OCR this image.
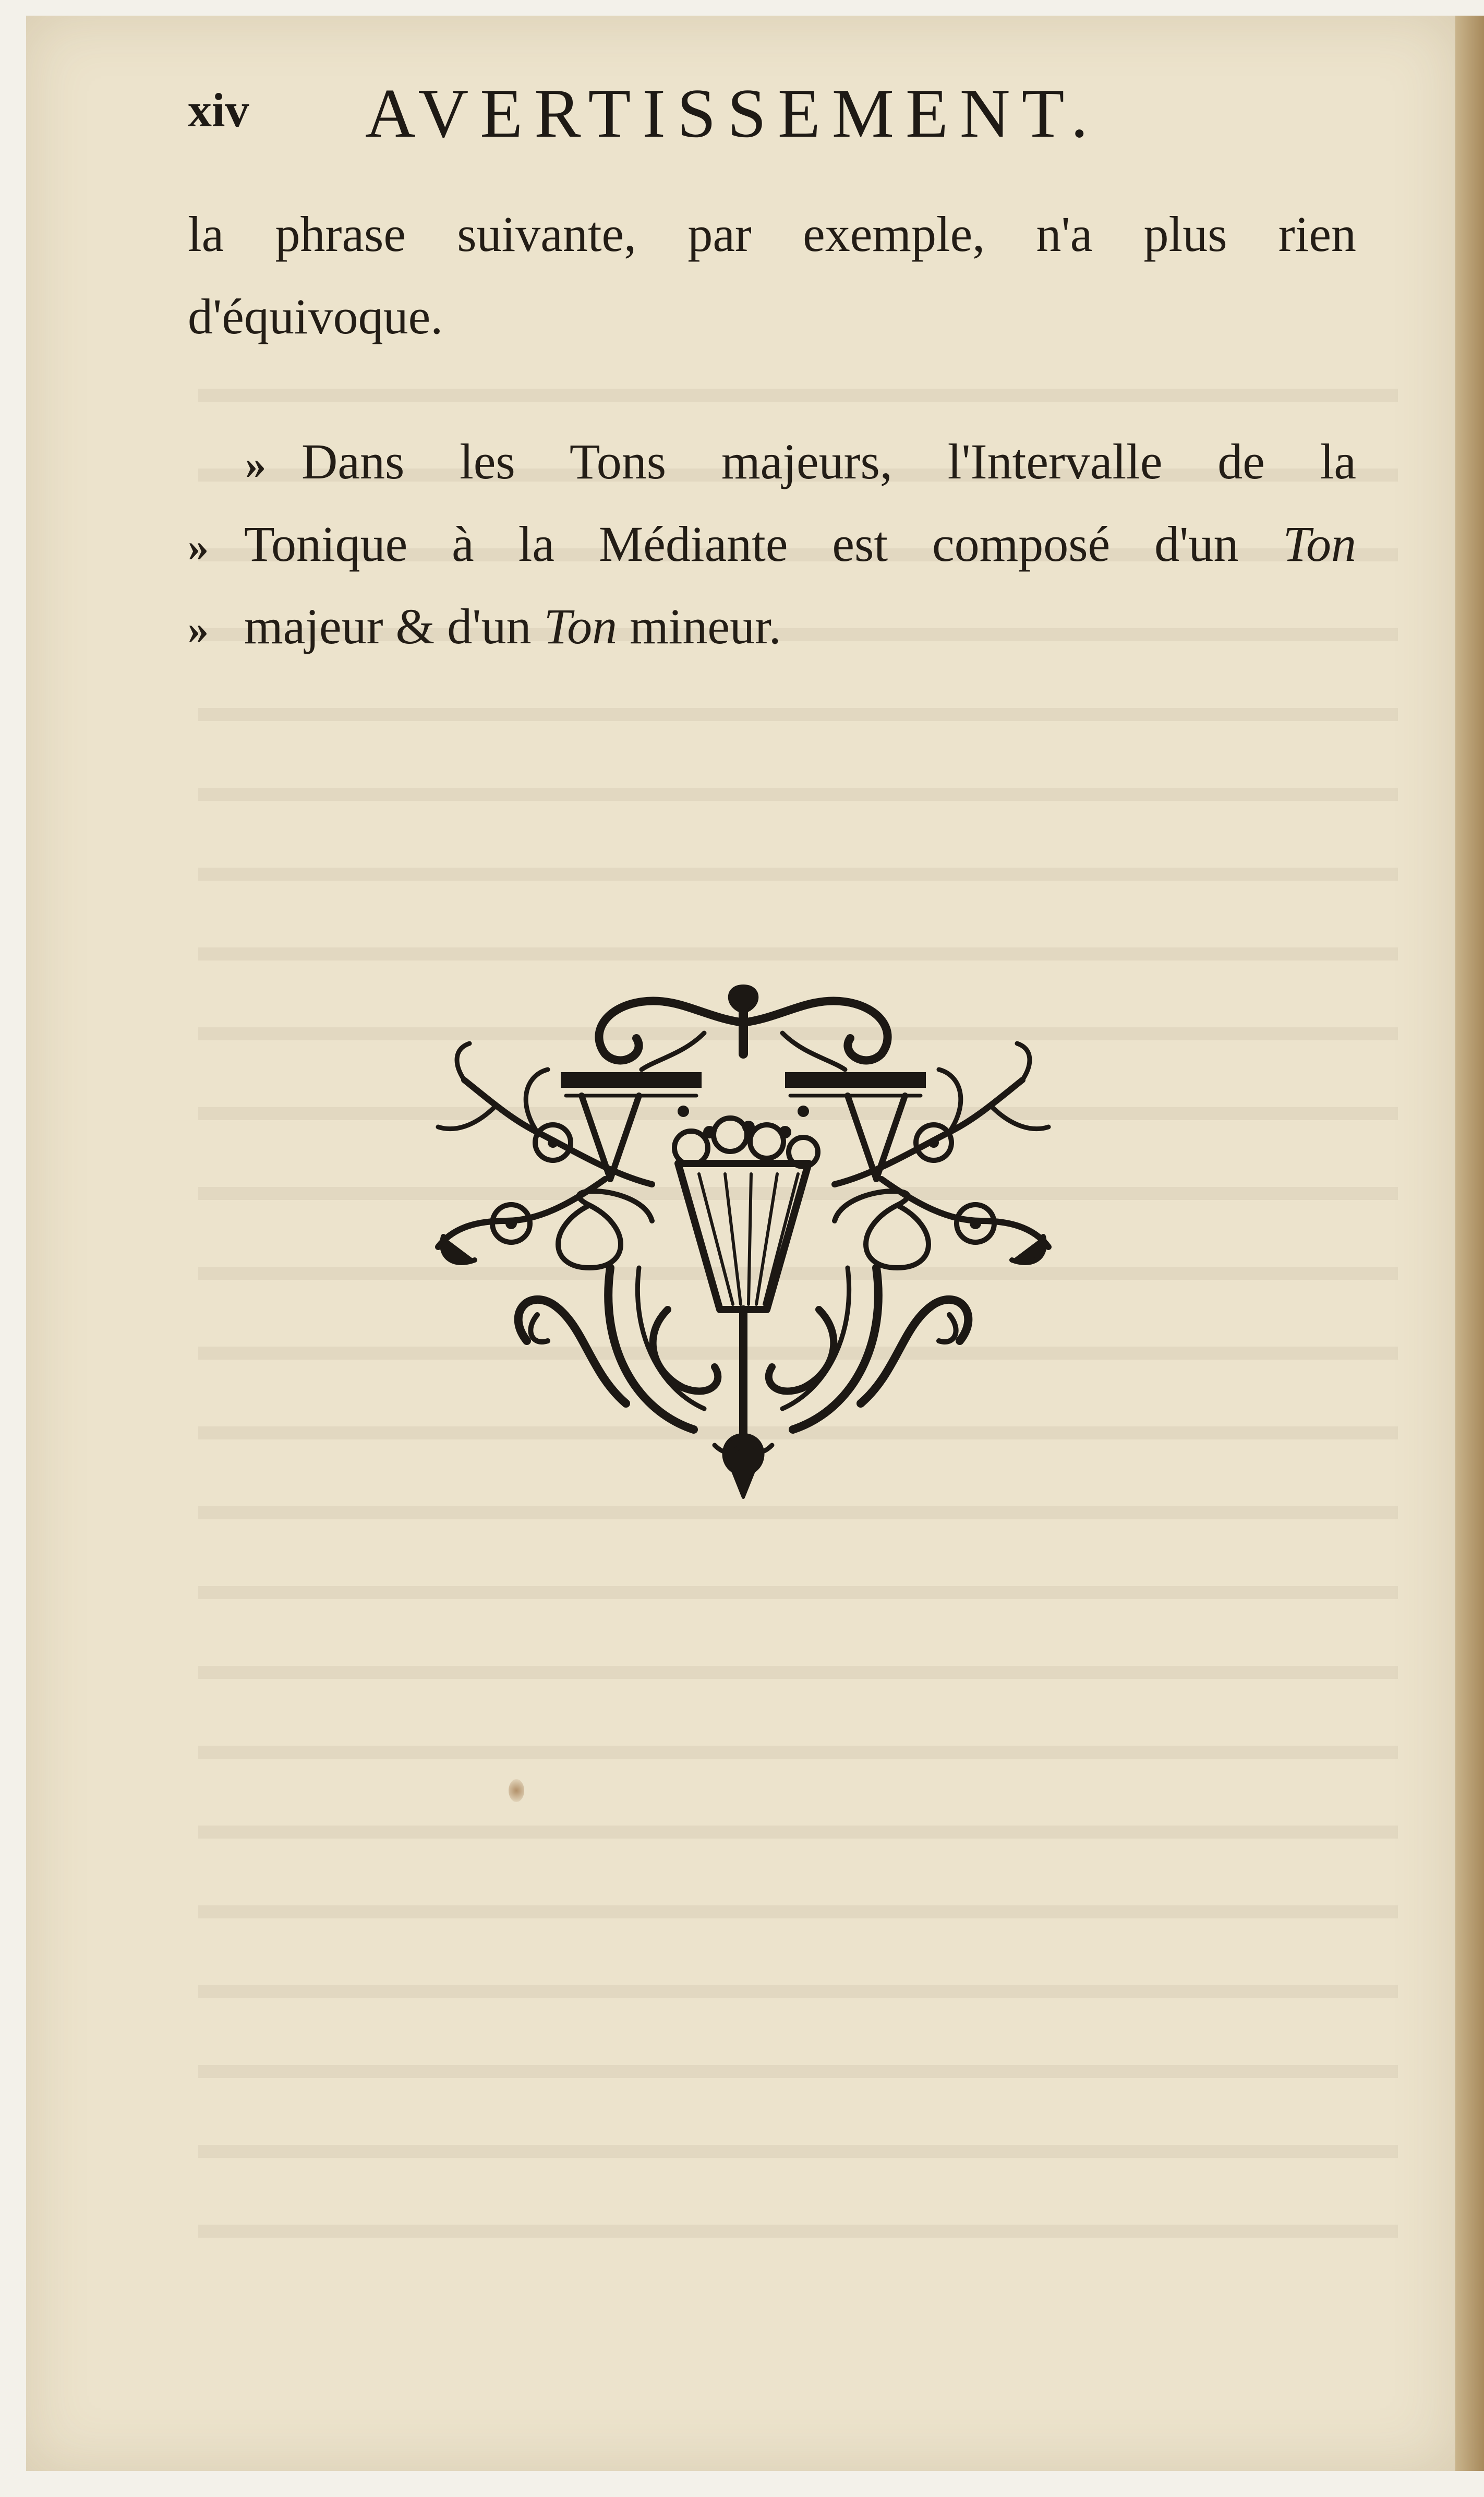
xiv AVERTISSEMENT.
la phrase suivante, par exemple, n'a plus rien
d'équivoque.
» Dans les Tons majeurs, l'Intervalle de la
» Tonique à la Médiante est composé d'un Ton
» majeur & d'un Ton mineur.
